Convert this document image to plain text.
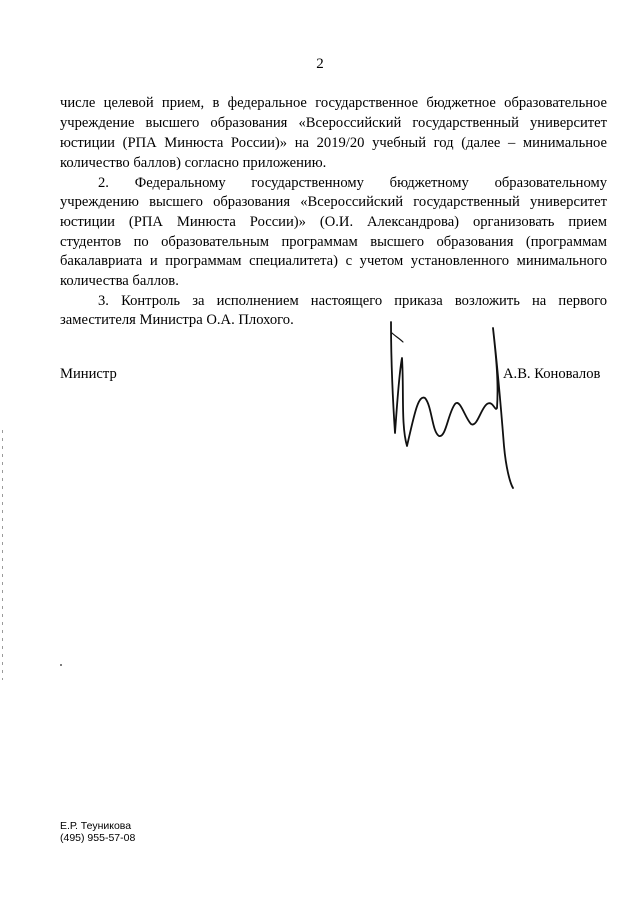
2
числе целевой прием, в федеральное государственное бюджетное образовательное
учреждение высшего образования «Всероссийский государственный университет
юстиции (РПА Минюста России)» на 2019/20 учебный год (далее – минимальное
количество баллов) согласно приложению.
2. Федеральному государственному бюджетному образовательному
учреждению высшего образования «Всероссийский государственный университет
юстиции (РПА Минюста России)» (О.И. Александрова) организовать прием
студентов по образовательным программам высшего образования (программам
бакалавриата и программам специалитета) с учетом установленного минимального
количества баллов.
3. Контроль за исполнением настоящего приказа возложить на первого
заместителя Министра О.А. Плохого.
Министр	А.В. Коновалов
Е.Р. Теуникова
(495) 955-57-08
